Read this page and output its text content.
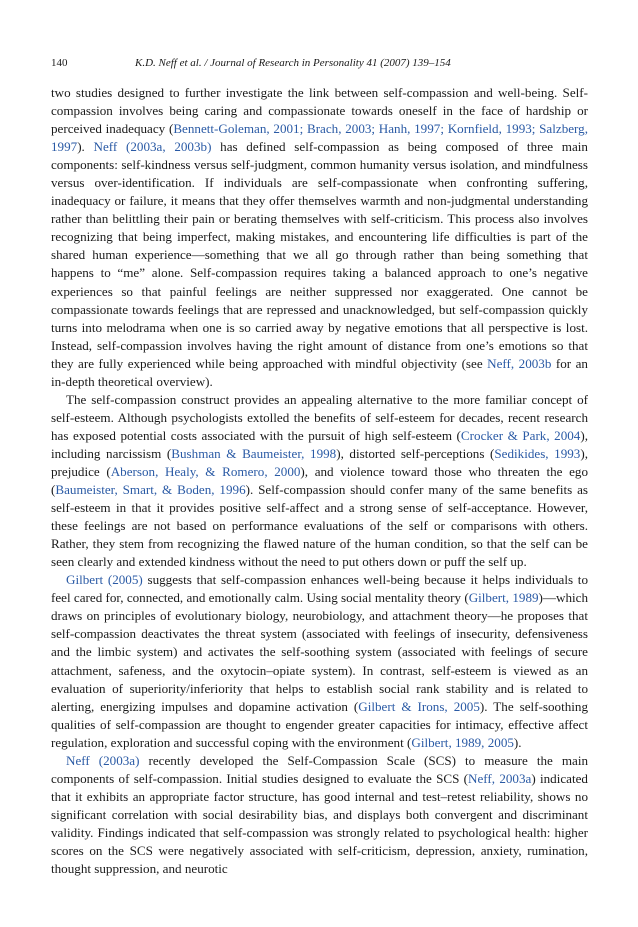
140	K.D. Neff et al. / Journal of Research in Personality 41 (2007) 139–154

two studies designed to further investigate the link between self-compassion and well-being. Self-compassion involves being caring and compassionate towards oneself in the face of hardship or perceived inadequacy (Bennett-Goleman, 2001; Brach, 2003; Hanh, 1997; Kornfield, 1993; Salzberg, 1997). Neff (2003a, 2003b) has defined self-compassion as being composed of three main components: self-kindness versus self-judgment, common humanity versus isolation, and mindfulness versus over-identification. If individuals are self-compassionate when confronting suffering, inadequacy or failure, it means that they offer themselves warmth and non-judgmental understanding rather than belittling their pain or berating themselves with self-criticism. This process also involves recognizing that being imperfect, making mistakes, and encountering life difficulties is part of the shared human experience—something that we all go through rather than being something that happens to “me” alone. Self-compassion requires taking a balanced approach to one’s negative experiences so that painful feelings are neither suppressed nor exaggerated. One cannot be compassionate towards feelings that are repressed and unacknowledged, but self-compassion quickly turns into melodrama when one is so carried away by negative emotions that all perspective is lost. Instead, self-compassion involves having the right amount of distance from one’s emotions so that they are fully experienced while being approached with mindful objectivity (see Neff, 2003b for an in-depth theoretical overview).

The self-compassion construct provides an appealing alternative to the more familiar concept of self-esteem. Although psychologists extolled the benefits of self-esteem for decades, recent research has exposed potential costs associated with the pursuit of high self-esteem (Crocker & Park, 2004), including narcissism (Bushman & Baumeister, 1998), distorted self-perceptions (Sedikides, 1993), prejudice (Aberson, Healy, & Romero, 2000), and violence toward those who threaten the ego (Baumeister, Smart, & Boden, 1996). Self-compassion should confer many of the same benefits as self-esteem in that it provides positive self-affect and a strong sense of self-acceptance. However, these feelings are not based on performance evaluations of the self or comparisons with others. Rather, they stem from recognizing the flawed nature of the human condition, so that the self can be seen clearly and extended kindness without the need to put others down or puff the self up.

Gilbert (2005) suggests that self-compassion enhances well-being because it helps individuals to feel cared for, connected, and emotionally calm. Using social mentality theory (Gilbert, 1989)—which draws on principles of evolutionary biology, neurobiology, and attachment theory—he proposes that self-compassion deactivates the threat system (associated with feelings of insecurity, defensiveness and the limbic system) and activates the self-soothing system (associated with feelings of secure attachment, safeness, and the oxytocin–opiate system). In contrast, self-esteem is viewed as an evaluation of superiority/inferiority that helps to establish social rank stability and is related to alerting, energizing impulses and dopamine activation (Gilbert & Irons, 2005). The self-soothing qualities of self-compassion are thought to engender greater capacities for intimacy, effective affect regulation, exploration and successful coping with the environment (Gilbert, 1989, 2005).

Neff (2003a) recently developed the Self-Compassion Scale (SCS) to measure the main components of self-compassion. Initial studies designed to evaluate the SCS (Neff, 2003a) indicated that it exhibits an appropriate factor structure, has good internal and test–retest reliability, shows no significant correlation with social desirability bias, and displays both convergent and discriminant validity. Findings indicated that self-compassion was strongly related to psychological health: higher scores on the SCS were negatively associated with self-criticism, depression, anxiety, rumination, thought suppression, and neurotic
